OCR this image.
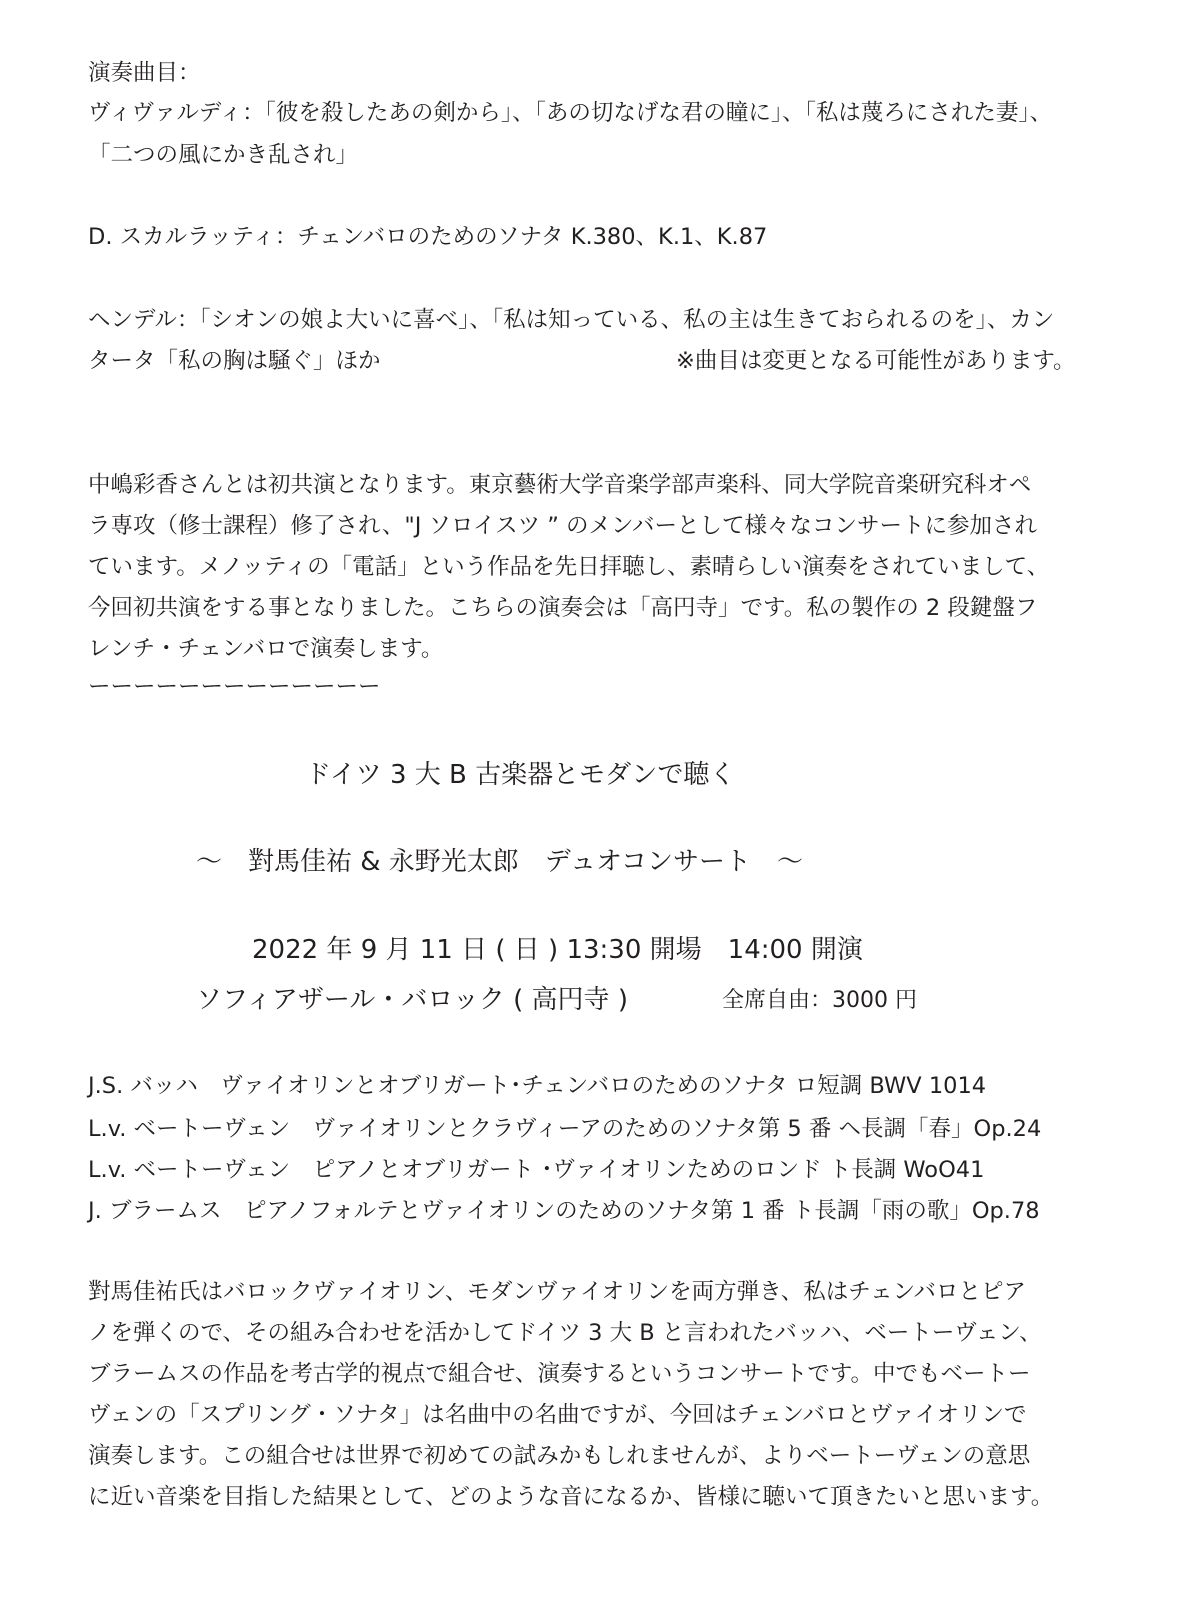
演奏曲目：
ヴィヴァルディ：「彼を殺したあの剣から」、「あの切なげな君の瞳に」、「私は蔑ろにされた妻」、
「二つの風にかき乱され」
D. スカルラッティ：チェンバロのためのソナタ K.380、K.1、K.87
ヘンデル：「シオンの娘よ大いに喜べ」、「私は知っている、私の主は生きておられるのを」、カン
タータ「私の胸は騒ぐ」ほか	※曲目は変更となる可能性があります。
中嶋彩香さんとは初共演となります。東京藝術大学音楽学部声楽科、同大学院音楽研究科オペ
ラ専攻（修士課程）修了され、"J ソロイスツ ” のメンバーとして様々なコンサートに参加され
ています。メノッティの「電話」という作品を先日拝聴し、素晴らしい演奏をされていまして、
今回初共演をする事となりました。こちらの演奏会は「高円寺」です。私の製作の 2 段鍵盤フ
レンチ・チェンバロで演奏します。
ーーーーーーーーーーーーー
ドイツ 3 大 B 古楽器とモダンで聴く
～　對馬佳祐 & 永野光太郎　デュオコンサート　～
2022 年 9 月 11 日 ( 日 ) 13:30 開場　14:00 開演
ソフィアザール・バロック ( 高円寺 )	全席自由：3000 円
J.S. バッハ　ヴァイオリンとオブリガート･チェンバロのためのソナタ ロ短調 BWV 1014
L.v. ベートーヴェン　ヴァイオリンとクラヴィーアのためのソナタ第 5 番 ヘ長調「春」Op.24
L.v. ベートーヴェン　ピアノとオブリガート ･ヴァイオリンためのロンド ト長調 WoO41
J. ブラームス　ピアノフォルテとヴァイオリンのためのソナタ第 1 番 ト長調「雨の歌」Op.78
對馬佳祐氏はバロックヴァイオリン、モダンヴァイオリンを両方弾き、私はチェンバロとピア
ノを弾くので、その組み合わせを活かしてドイツ 3 大 B と言われたバッハ、ベートーヴェン、
ブラームスの作品を考古学的視点で組合せ、演奏するというコンサートです。中でもベートー
ヴェンの「スプリング・ソナタ」は名曲中の名曲ですが、今回はチェンバロとヴァイオリンで
演奏します。この組合せは世界で初めての試みかもしれませんが、よりベートーヴェンの意思
に近い音楽を目指した結果として、どのような音になるか、皆様に聴いて頂きたいと思います。
